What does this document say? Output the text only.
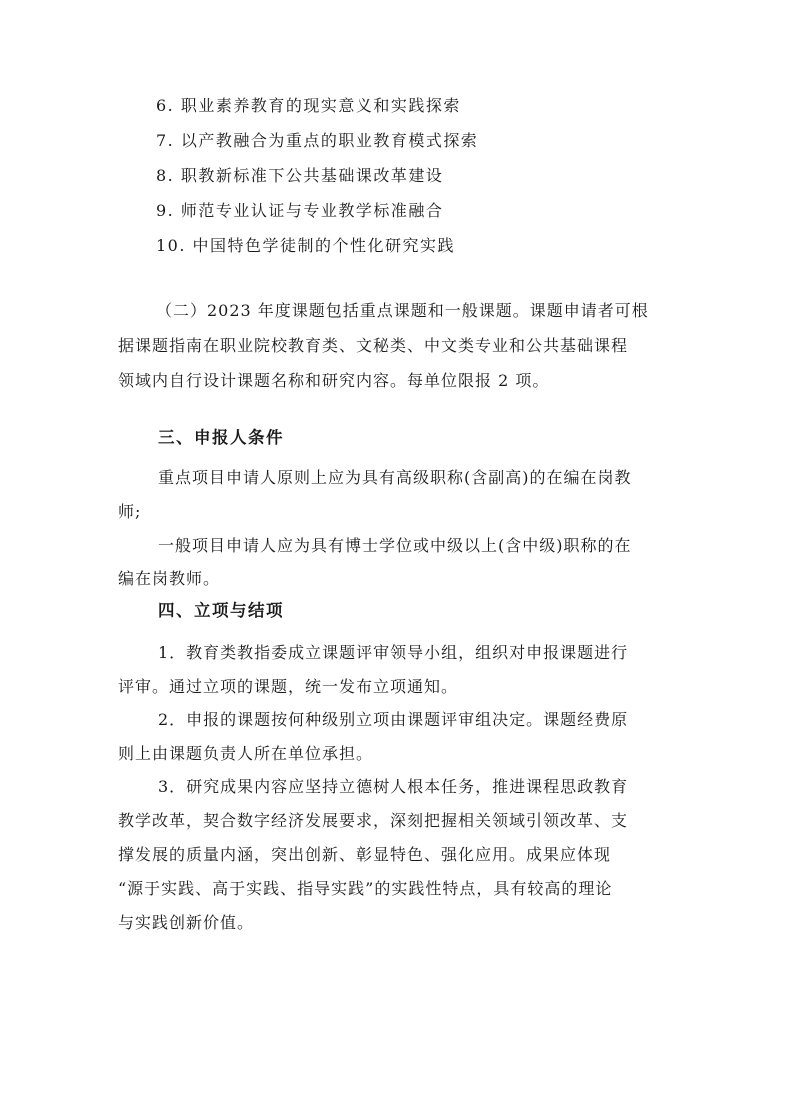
6. 职业素养教育的现实意义和实践探索
7. 以产教融合为重点的职业教育模式探索
8. 职教新标准下公共基础课改革建设
9. 师范专业认证与专业教学标准融合
10. 中国特色学徒制的个性化研究实践
（二）2023 年度课题包括重点课题和一般课题。课题申请者可根
据课题指南在职业院校教育类、文秘类、中文类专业和公共基础课程
领域内自行设计课题名称和研究内容。每单位限报 2 项。
三、申报人条件
重点项目申请人原则上应为具有高级职称(含副高)的在编在岗教
师;
一般项目申请人应为具有博士学位或中级以上(含中级)职称的在
编在岗教师。
四、立项与结项
1．教育类教指委成立课题评审领导小组，组织对申报课题进行
评审。通过立项的课题，统一发布立项通知。
2．申报的课题按何种级别立项由课题评审组决定。课题经费原
则上由课题负责人所在单位承担。
3．研究成果内容应坚持立德树人根本任务，推进课程思政教育
教学改革，契合数字经济发展要求，深刻把握相关领域引领改革、支
撑发展的质量内涵，突出创新、彰显特色、强化应用。成果应体现
“源于实践、高于实践、指导实践”的实践性特点，具有较高的理论
与实践创新价值。
